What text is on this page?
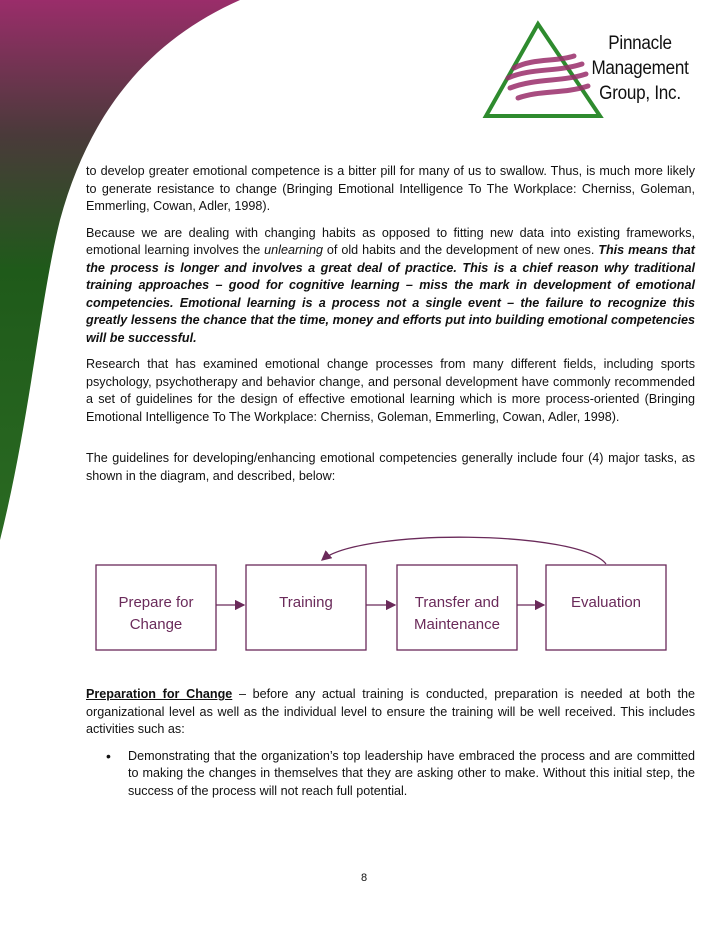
Pinnacle
Management
Group, Inc.

to develop greater emotional competence is a bitter pill for many of us to swallow. Thus, is much more likely to generate resistance to change (Bringing Emotional Intelligence To The Workplace: Cherniss, Goleman, Emmerling, Cowan, Adler, 1998).

Because we are dealing with changing habits as opposed to fitting new data into existing frameworks, emotional learning involves the unlearning of old habits and the development of new ones. This means that the process is longer and involves a great deal of practice. This is a chief reason why traditional training approaches – good for cognitive learning – miss the mark in development of emotional competencies. Emotional learning is a process not a single event – the failure to recognize this greatly lessens the chance that the time, money and efforts put into building emotional competencies will be successful.

Research that has examined emotional change processes from many different fields, including sports psychology, psychotherapy and behavior change, and personal development have commonly recommended a set of guidelines for the design of effective emotional learning which is more process-oriented (Bringing Emotional Intelligence To The Workplace: Cherniss, Goleman, Emmerling, Cowan, Adler, 1998).

The guidelines for developing/enhancing emotional competencies generally include four (4) major tasks, as shown in the diagram, and described, below:

Prepare for
Change
Training	Transfer and
Maintenance
Evaluation

Preparation for Change – before any actual training is conducted, preparation is needed at both the organizational level as well as the individual level to ensure the training will be well received. This includes activities such as:

•	Demonstrating that the organization’s top leadership have embraced the process and are committed to making the changes in themselves that they are asking other to make. Without this initial step, the success of the process will not reach full potential.
8
